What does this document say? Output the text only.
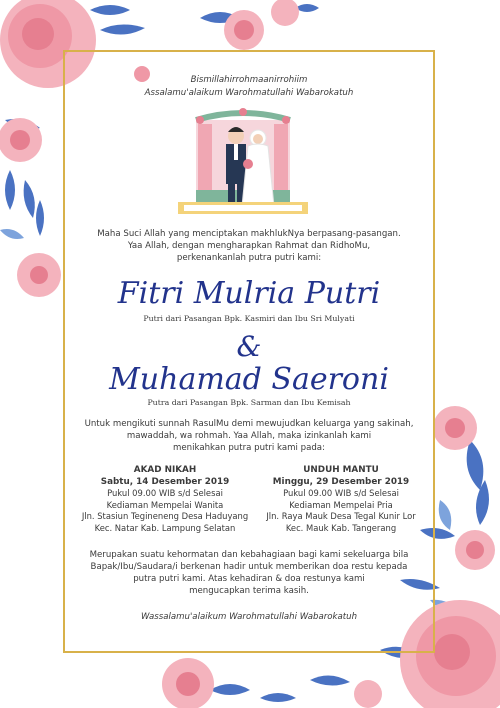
Bismillahirrohmaanirrohiim
Assalamu'alaikum Warohmatullahi Wabarokatuh
Maha Suci Allah yang menciptakan makhlukNya berpasang-pasangan.
Yaa Allah, dengan mengharapkan Rahmat dan RidhoMu,
perkenankanlah putra putri kami:
Fitri Mulria Putri
Putri dari Pasangan Bpk. Kasmiri dan Ibu Sri Mulyati
&
Muhamad Saeroni
Putra dari Pasangan Bpk. Sarman dan Ibu Kemisah
Untuk mengikuti sunnah RasulMu demi mewujudkan keluarga yang sakinah,
mawaddah, wa rohmah. Yaa Allah, maka izinkanlah kami
menikahkan putra putri kami pada:
AKAD NIKAH
Sabtu, 14 Desember 2019
Pukul 09.00 WIB s/d Selesai
Kediaman Mempelai Wanita
Jln. Stasiun Tegineneng Desa Haduyang
Kec. Natar Kab. Lampung Selatan
UNDUH MANTU
Minggu, 29 Desember 2019
Pukul 09.00 WIB s/d Selesai
Kediaman Mempelai Pria
Jln. Raya Mauk Desa Tegal Kunir Lor
Kec. Mauk Kab. Tangerang
Merupakan suatu kehormatan dan kebahagiaan bagi kami sekeluarga bila
Bapak/Ibu/Saudara/i berkenan hadir untuk memberikan doa restu kepada
putra putri kami. Atas kehadiran & doa restunya kami
mengucapkan terima kasih.
Wassalamu'alaikum Warohmatullahi Wabarokatuh
